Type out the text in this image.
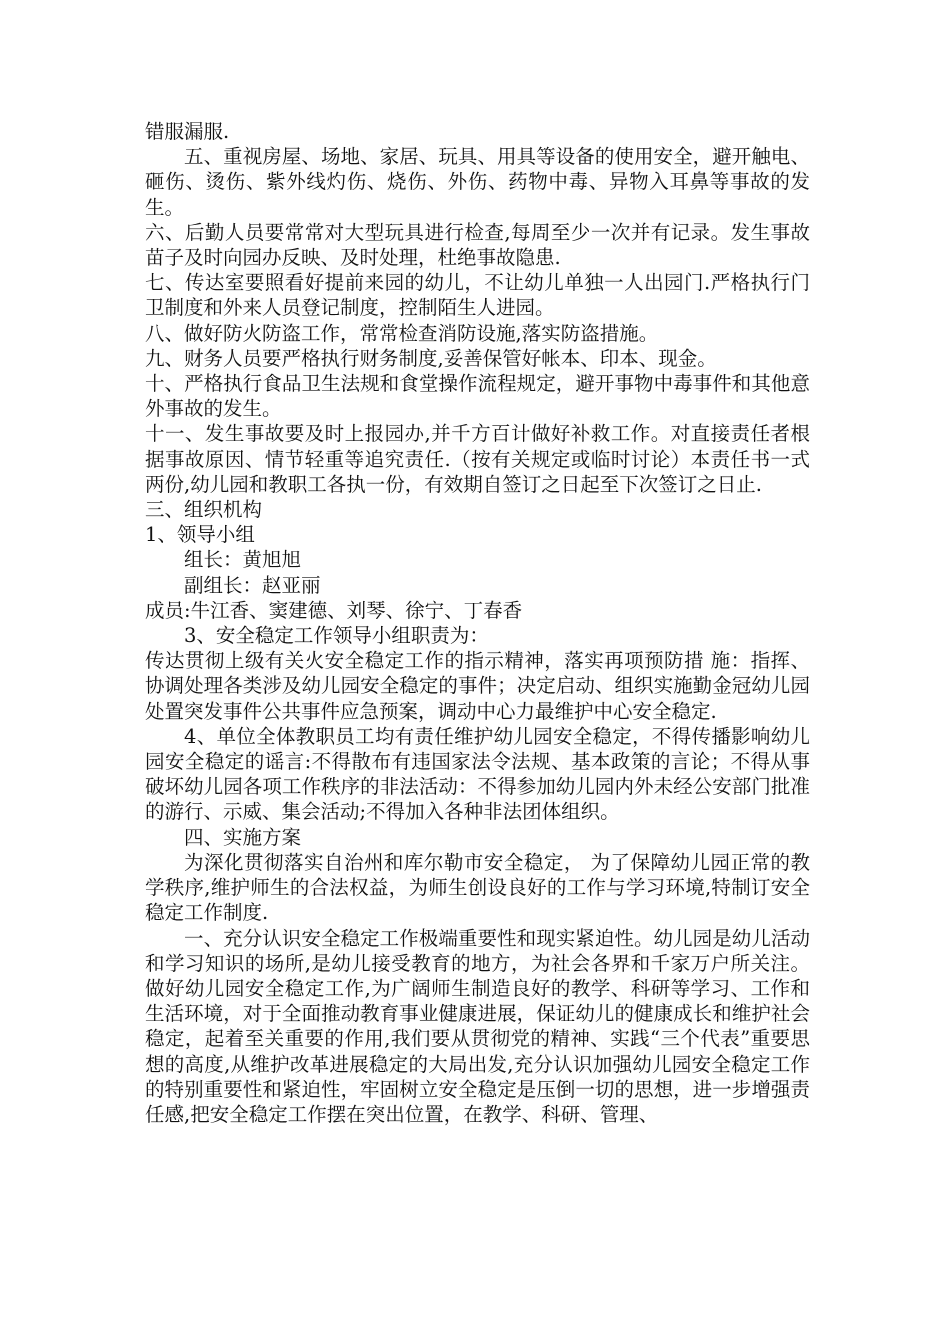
错服漏服.

五、重视房屋、场地、家居、玩具、用具等设备的使用安全，避开触电、砸伤、烫伤、紫外线灼伤、烧伤、外伤、药物中毒、异物入耳鼻等事故的发生。

六、后勤人员要常常对大型玩具进行检查,每周至少一次并有记录。发生事故苗子及时向园办反映、及时处理，杜绝事故隐患.

七、传达室要照看好提前来园的幼儿，不让幼儿单独一人出园门.严格执行门卫制度和外来人员登记制度，控制陌生人进园。

八、做好防火防盗工作，常常检查消防设施,落实防盗措施。

九、财务人员要严格执行财务制度,妥善保管好帐本、印本、现金。

十、严格执行食品卫生法规和食堂操作流程规定，避开事物中毒事件和其他意外事故的发生。

十一、发生事故要及时上报园办,并千方百计做好补救工作。对直接责任者根据事故原因、情节轻重等追究责任.（按有关规定或临时讨论）本责任书一式两份,幼儿园和教职工各执一份，有效期自签订之日起至下次签订之日止.

三、组织机构

1、领导小组

组长：黄旭旭

副组长：赵亚丽

成员:牛江香、窦建德、刘琴、徐宁、丁春香

3、安全稳定工作领导小组职责为：

传达贯彻上级有关火安全稳定工作的指示精神，落实再项预防措 施：指挥、协调处理各类涉及幼儿园安全稳定的事件；决定启动、组织实施勤金冠幼儿园处置突发事件公共事件应急预案，调动中心力最维护中心安全稳定.

4、单位全体教职员工均有责任维护幼儿园安全稳定，不得传播影响幼儿园安全稳定的谣言:不得散布有违国家法令法规、基本政策的言论；不得从事破坏幼儿园各项工作秩序的非法活动：不得参加幼儿园内外未经公安部门批准的游行、示威、集会活动;不得加入各种非法团体组织。

四、实施方案

为深化贯彻落实自治州和库尔勒市安全稳定， 为了保障幼儿园正常的教学秩序,维护师生的合法权益，为师生创设良好的工作与学习环境,特制订安全稳定工作制度.

一、充分认识安全稳定工作极端重要性和现实紧迫性。幼儿园是幼儿活动和学习知识的场所,是幼儿接受教育的地方，为社会各界和千家万户所关注。做好幼儿园安全稳定工作,为广阔师生制造良好的教学、科研等学习、工作和生活环境，对于全面推动教育事业健康进展，保证幼儿的健康成长和维护社会稳定，起着至关重要的作用,我们要从贯彻党的精神、实践“三个代表”重要思想的高度,从维护改革进展稳定的大局出发,充分认识加强幼儿园安全稳定工作的特别重要性和紧迫性，牢固树立安全稳定是压倒一切的思想，进一步增强责任感,把安全稳定工作摆在突出位置，在教学、科研、管理、
